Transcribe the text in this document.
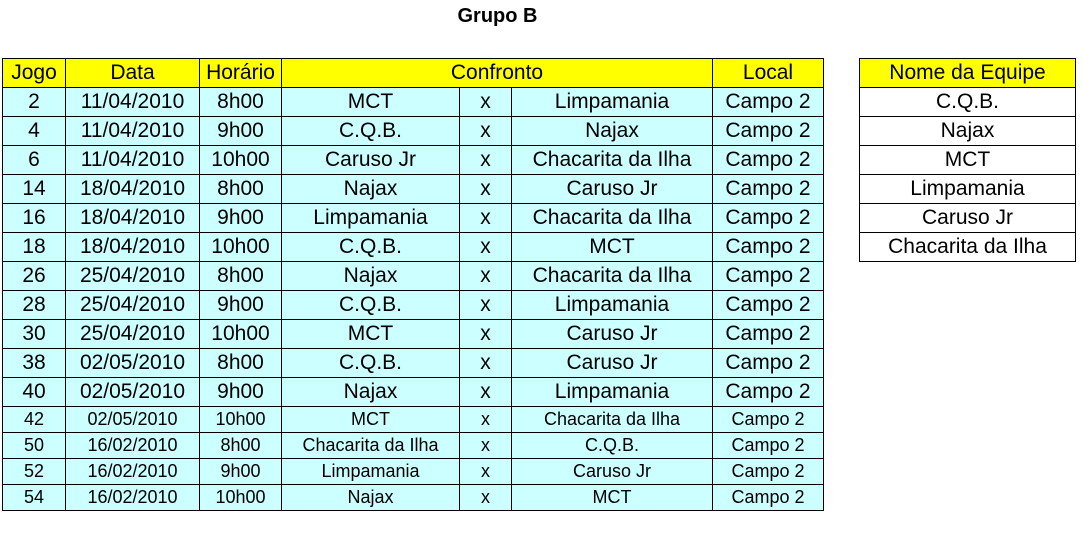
Grupo B
Jogo	Data	Horário	Confronto			Local
2	11/04/2010	8h00	MCT	x	Limpamania	Campo 2
4	11/04/2010	9h00	C.Q.B.	x	Najax	Campo 2
6	11/04/2010	10h00	Caruso Jr	x	Chacarita da Ilha	Campo 2
14	18/04/2010	8h00	Najax	x	Caruso Jr	Campo 2
16	18/04/2010	9h00	Limpamania	x	Chacarita da Ilha	Campo 2
18	18/04/2010	10h00	C.Q.B.	x	MCT	Campo 2
26	25/04/2010	8h00	Najax	x	Chacarita da Ilha	Campo 2
28	25/04/2010	9h00	C.Q.B.	x	Limpamania	Campo 2
30	25/04/2010	10h00	MCT	x	Caruso Jr	Campo 2
38	02/05/2010	8h00	C.Q.B.	x	Caruso Jr	Campo 2
40	02/05/2010	9h00	Najax	x	Limpamania	Campo 2
42	02/05/2010	10h00	MCT	x	Chacarita da Ilha	Campo 2
50	16/02/2010	8h00	Chacarita da Ilha	x	C.Q.B.	Campo 2
52	16/02/2010	9h00	Limpamania	x	Caruso Jr	Campo 2
54	16/02/2010	10h00	Najax	x	MCT	Campo 2
Nome da Equipe
C.Q.B.
Najax
MCT
Limpamania
Caruso Jr
Chacarita da Ilha
